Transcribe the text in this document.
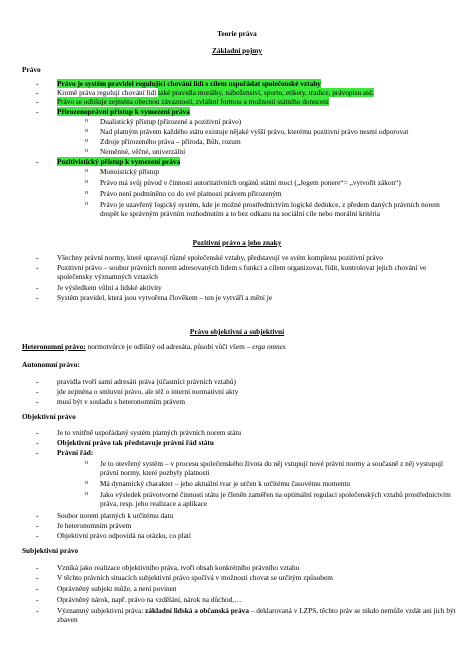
Teorie práva
Základní pojmy
Právo
-	Právo je systém pravidel regulující chování lidí s cílem uspořádat společenské vztahy
-	Kromě práva regulují chování lidí také pravidla morálky, náboženství, sportu, etikety, tradice, právopisu atd.
-	Právo se odlišuje zejména obecnou závazností, zvláštní formou a možností státního donucení
-	Přirozenoprávní přístup k vymezení práva
o Dualistický přístup (přirozené a pozitivní právo)
o Nad platným právem každého státu existuje nějaké vyšší právo, kterému pozitivní právo nesmí odporovat
o Zdroje přirozeného práva – příroda, Bůh, rozum
o Neměnné, věčné, univerzální
-	Pozitivistický přístup k vymezení práva
o Monoistický přístup
o Právo má svůj původ v činnosti autoritativních orgánů státní moci („Jegem ponere“= „vytvořit zákon“)
o Právo není podmíněno co do své platnosti právem přirozeným
o Právo je uzavřený logický systém, kde je možné prostřednictvím logické dedukce, z předem daných právních norem dospět ke správným právním rozhodnutím a to bez odkazu na sociální cíle nebo morální kritéria
Pozitivní právo a jeho znaky
-	Všechny právní normy, které upravují různé společenské vztahy, představují ve svém komplexu pozitivní právo
-	Pozitivní právo – soubor právních norem adresovaných lidem s funkcí a cílem organizovat, řídit, kontrolovat jejich chování ve společensky významných vztazích
-	Je výsledkem vůlní a lidské aktivity
-	Systém pravidel, která jsou vytvořena člověkem – ten je vytváří a mění je
Právo objektivní a subjektivní
Heteronomní právo: normotvůrce je odlišný od adresáta, působí vůči všem – erga omnes
Autonomní právo:
-	pravidla tvoří sami adresáti práva (účastníci právních vztahů)
-	jde zejména o smluvní právo, ale též o interní normativní akty
-	musí být v souladu s heteronomním právem
Objektivní právo
-	Je to vnitřně uspořádaný systém platných právních norem státu
-	Objektivní právo tak představuje právní řád státu
-	Právní řád:
o Je to otevřený systém – v procesu společenského života do něj vstupují nové právní normy a současně z něj vystupují právní normy, které pozbyly platnosti
o Má dynamický charakter – jeho aktuální tvar je určen k určitému časovému momentu
o Jako výsledek právotvorné činnosti státu je členěn zaměřen na optimální regulaci společenských vztahů prostřednictvím práva, resp. jeho realizace a aplikace
-	Soubor norem platných k určitému datu
-	Je heteronomním právem
-	Objektivní právo odpovídá na otázku, co platí
Subjektivní právo
-	Vzniká jako realizace objektivního práva, tvoří obsah konkrétního právního vztahu
-	V těchto právních situacích subjektivní právo spočívá v možnosti chovat se určitým způsobem
-	Oprávněný subjekt může, a není povinen
-	Oprávněný nárok, např. právo na vzdělání, nárok na důchod,…
-	Významný subjektivní práva: základní lidská a občanská práva – deklarovaná v LZPS, těchto práv se nikdo nemůže vzdát ani jich být zbaven
